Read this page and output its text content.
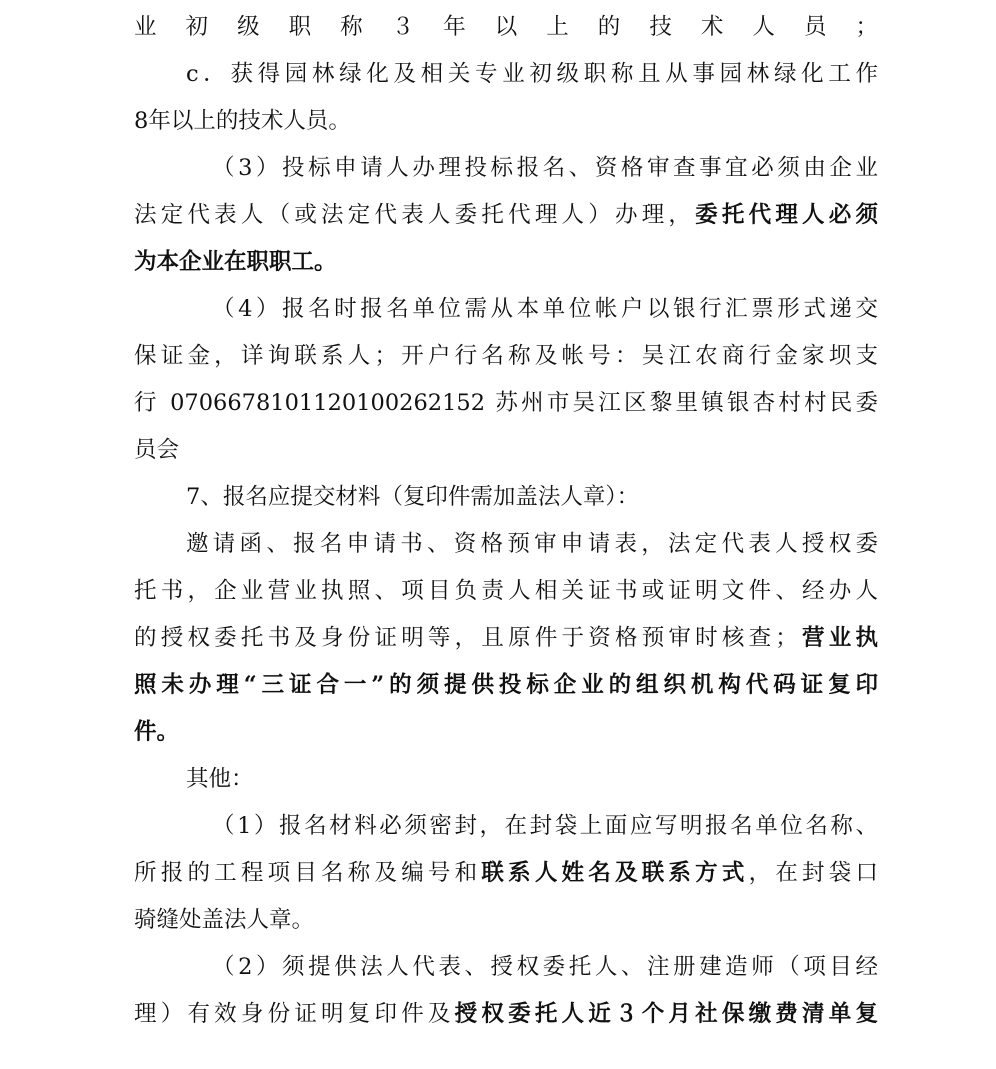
业初级职称３年以上的技术人员；
c．获得园林绿化及相关专业初级职称且从事园林绿化工作
8年以上的技术人员。
（3）投标申请人办理投标报名、资格审查事宜必须由企业
法定代表人（或法定代表人委托代理人）办理，委托代理人必须
为本企业在职职工。
（4）报名时报名单位需从本单位帐户以银行汇票形式递交
保证金，详询联系人；开户行名称及帐号：吴江农商行金家坝支
行 0706678101120100262152 苏州市吴江区黎里镇银杏村村民委
员会
7、报名应提交材料（复印件需加盖法人章）：
邀请函、报名申请书、资格预审申请表，法定代表人授权委
托书，企业营业执照、项目负责人相关证书或证明文件、经办人
的授权委托书及身份证明等，且原件于资格预审时核查；营业执
照未办理“三证合一”的须提供投标企业的组织机构代码证复印
件。
其他：
（1）报名材料必须密封，在封袋上面应写明报名单位名称、
所报的工程项目名称及编号和联系人姓名及联系方式，在封袋口
骑缝处盖法人章。
（2）须提供法人代表、授权委托人、注册建造师（项目经
理）有效身份证明复印件及授权委托人近３个月社保缴费清单复
